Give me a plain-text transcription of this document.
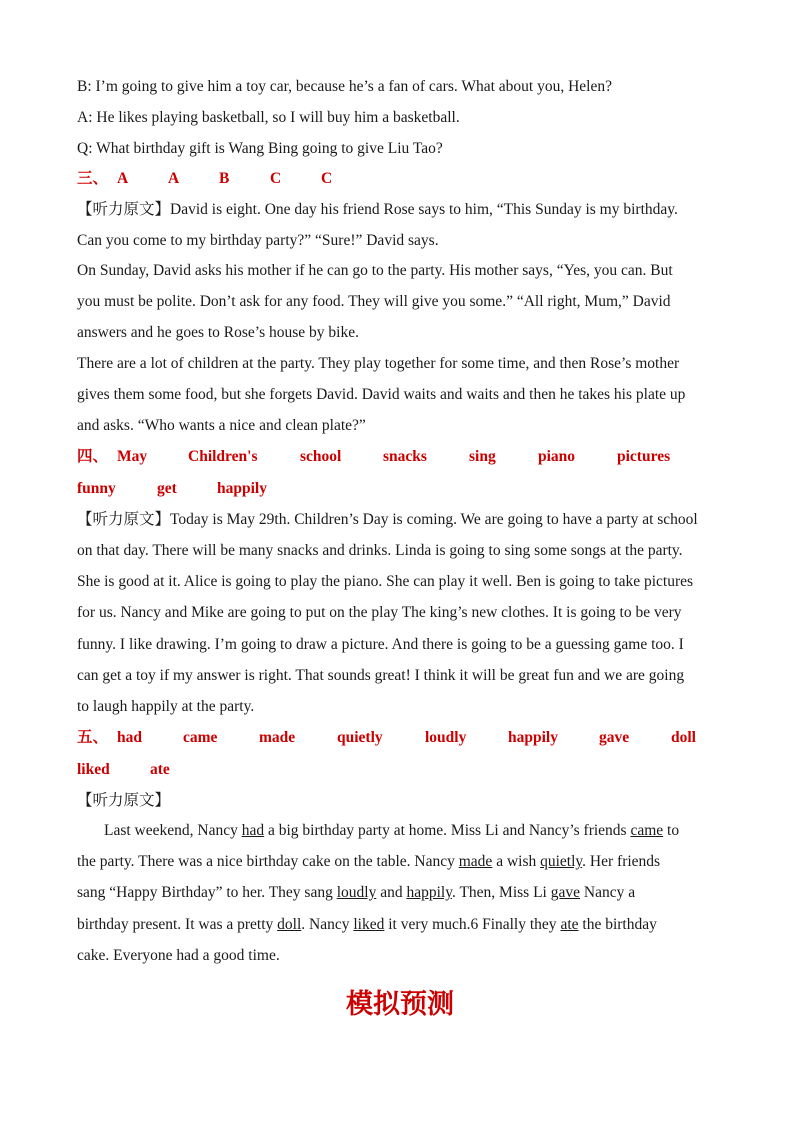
B: I’m going to give him a toy car, because he’s a fan of cars. What about you, Helen?
A: He likes playing basketball, so I will buy him a basketball.
Q: What birthday gift is Wang Bing going to give Liu Tao?
三、 A	A	B	C	C
【听力原文】David is eight. One day his friend Rose says to him, “This Sunday is my birthday.
Can you come to my birthday party?” “Sure!” David says.
On Sunday, David asks his mother if he can go to the party. His mother says, “Yes, you can. But
you must be polite. Don’t ask for any food. They will give you some.” “All right, Mum,” David
answers and he goes to Rose’s house by bike.
There are a lot of children at the party. They play together for some time, and then Rose’s mother
gives them some food, but she forgets David. David waits and waits and then he takes his plate up
and asks. “Who wants a nice and clean plate?”
四、 May	Children's	school	snacks	sing	piano	pictures
funny	get	happily
【听力原文】Today is May 29th. Children’s Day is coming. We are going to have a party at school
on that day. There will be many snacks and drinks. Linda is going to sing some songs at the party.
She is good at it. Alice is going to play the piano. She can play it well. Ben is going to take pictures
for us. Nancy and Mike are going to put on the play The king’s new clothes. It is going to be very
funny. I like drawing. I’m going to draw a picture. And there is going to be a guessing game too. I
can get a toy if my answer is right. That sounds great! I think it will be great fun and we are going
to laugh happily at the party.
五、 had	came	made	quietly	loudly	happily	gave	doll
liked	ate
【听力原文】
Last weekend, Nancy had a big birthday party at home. Miss Li and Nancy’s friends came to
the party. There was a nice birthday cake on the table. Nancy made a wish quietly. Her friends
sang “Happy Birthday” to her. They sang loudly and happily. Then, Miss Li gave Nancy a
birthday present. It was a pretty doll. Nancy liked it very much.6 Finally they ate the birthday
cake. Everyone had a good time.
模拟预测
